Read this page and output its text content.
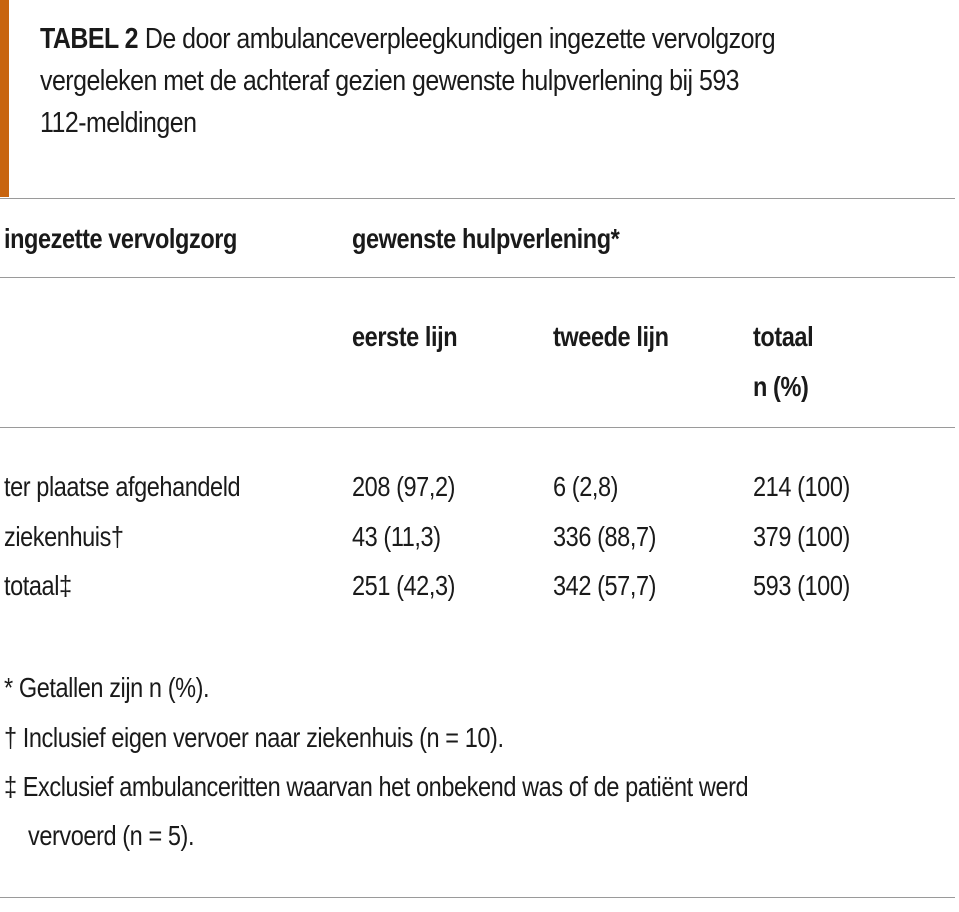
TABEL 2 De door ambulanceverpleegkundigen ingezette vervolgzorg
vergeleken met de achteraf gezien gewenste hulpverlening bij 593
112-meldingen
ingezette vervolgzorg	gewenste hulpverlening*
eerste lijn	tweede lijn	totaal
n (%)
ter plaatse afgehandeld	208 (97,2)	6 (2,8)	214 (100)
ziekenhuis†	43 (11,3)	336 (88,7)	379 (100)
totaal‡	251 (42,3)	342 (57,7)	593 (100)
* Getallen zijn n (%).
† Inclusief eigen vervoer naar ziekenhuis (n = 10).
‡ Exclusief ambulanceritten waarvan het onbekend was of de patiënt werd
vervoerd (n = 5).
